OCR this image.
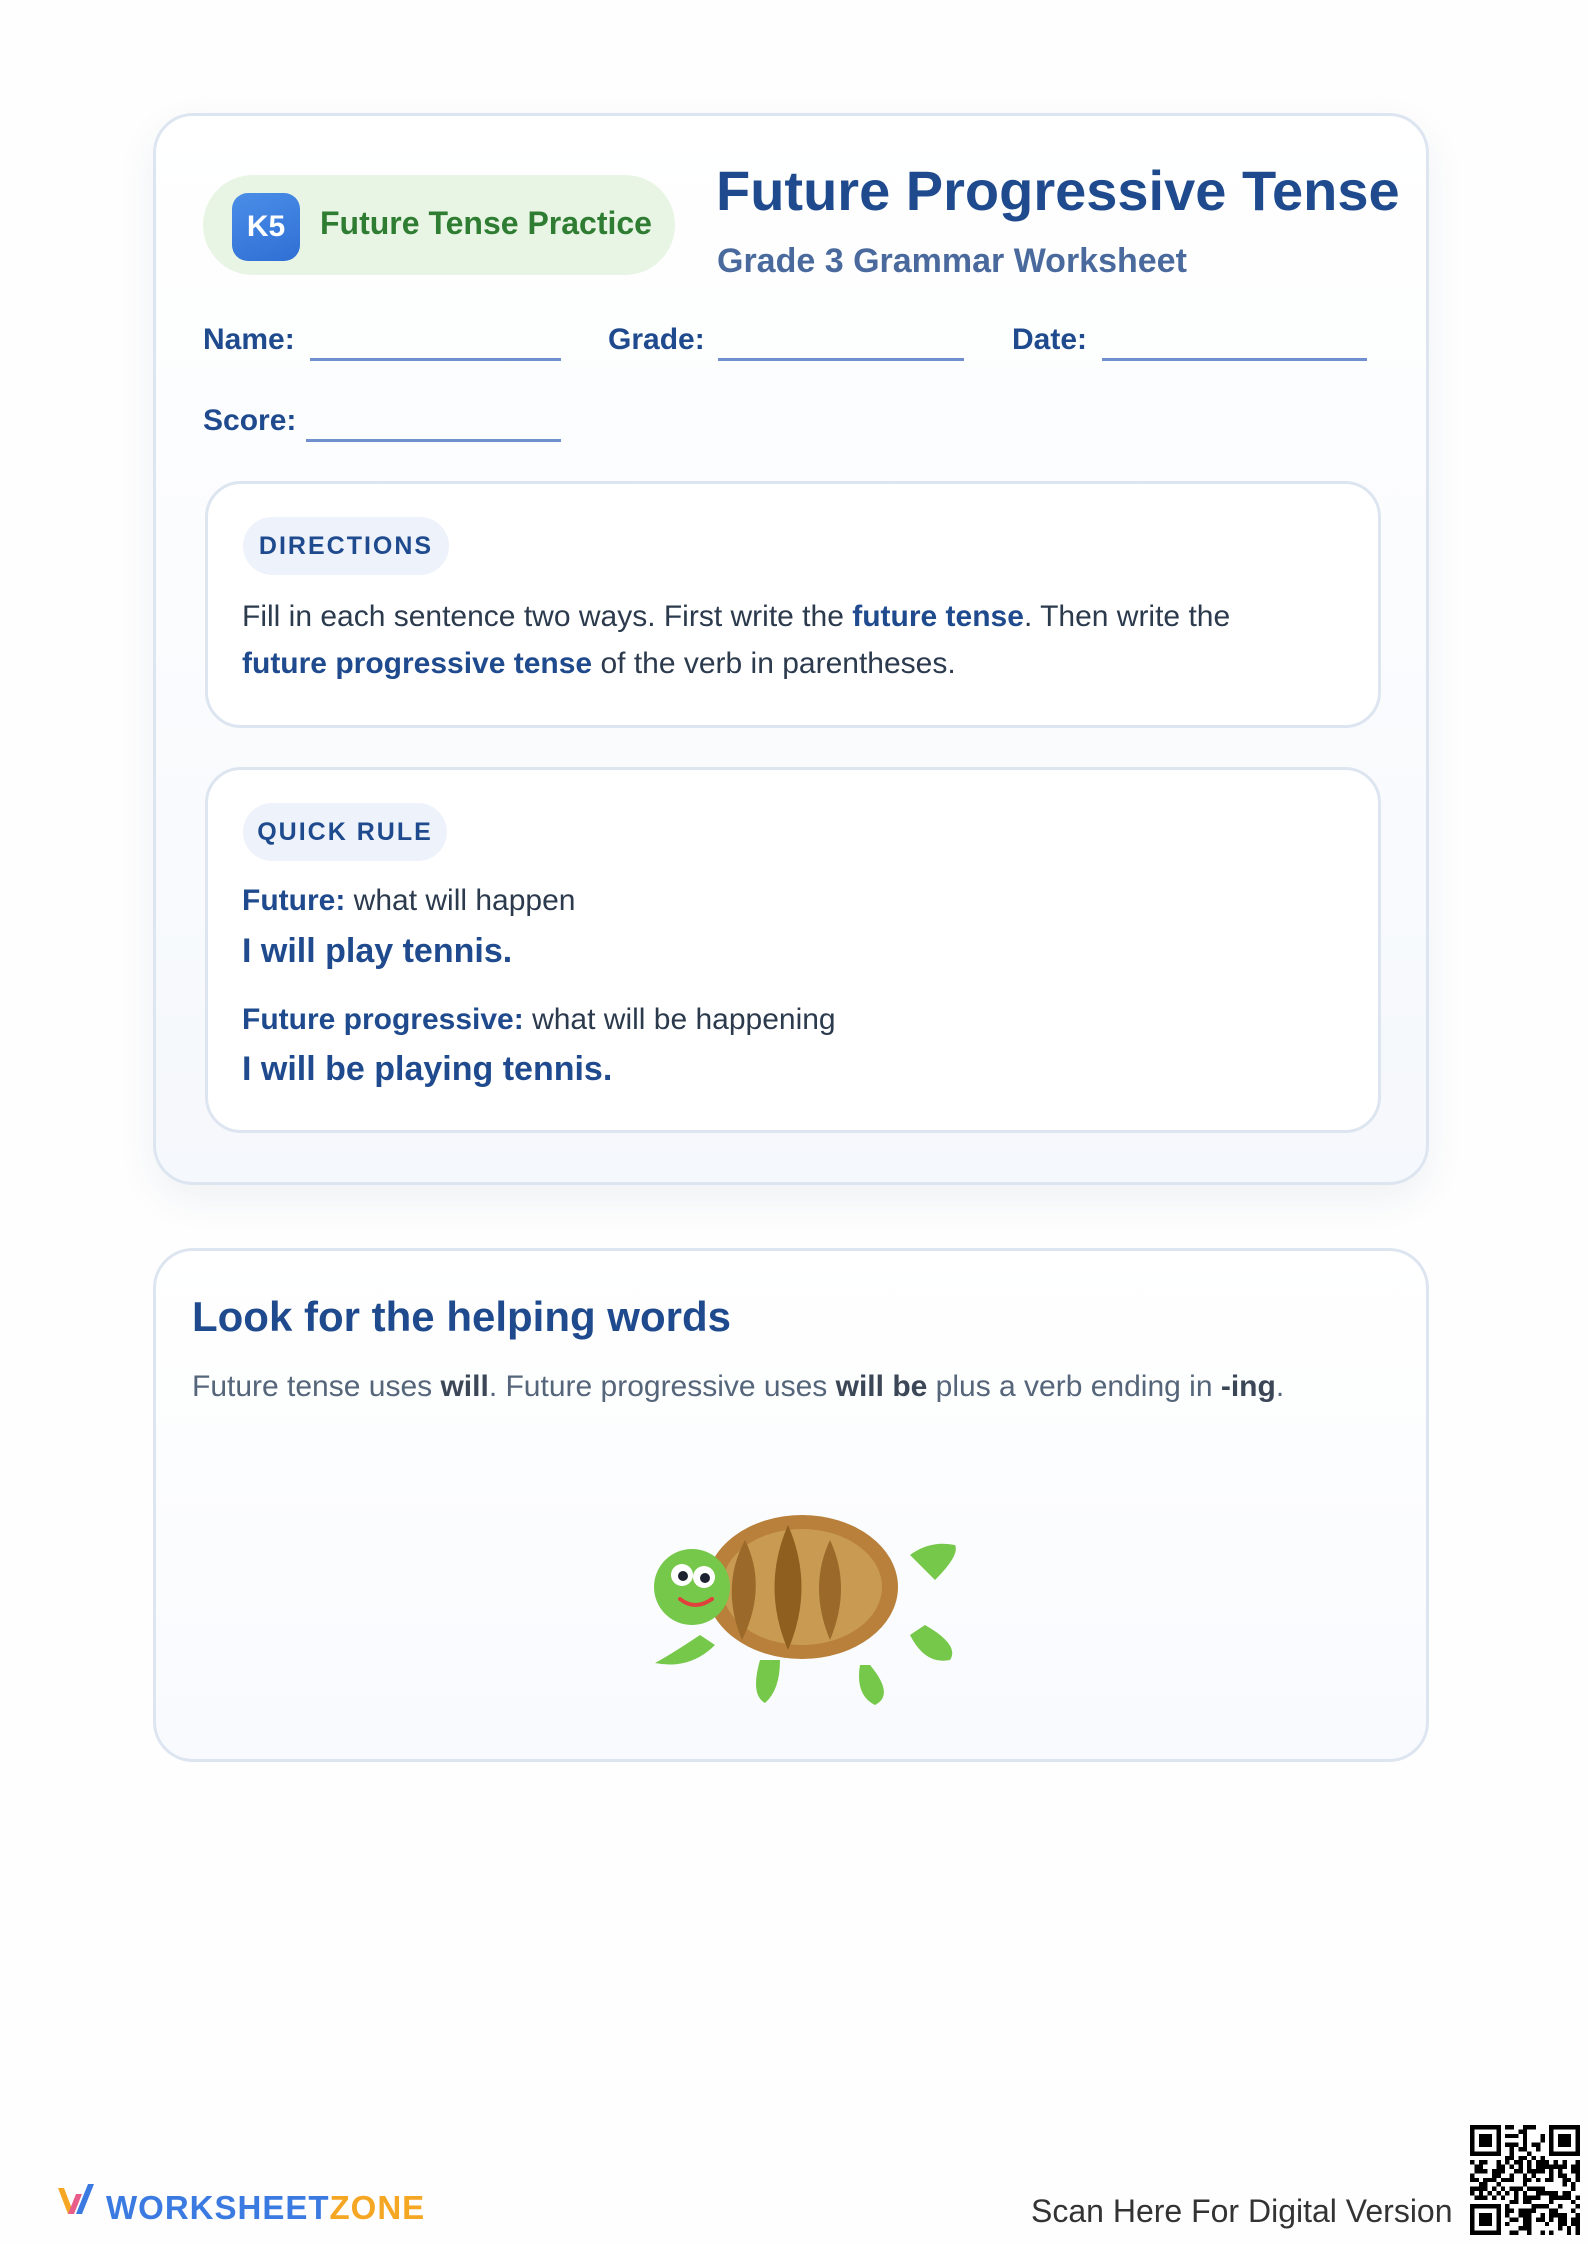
K5	Future Tense Practice
Future Progressive Tense
Grade 3 Grammar Worksheet
Name:	Grade:	Date:
Score:
DIRECTIONS
Fill in each sentence two ways. First write the future tense. Then write the
future progressive tense of the verb in parentheses.
QUICK RULE
Future: what will happen
I will play tennis.
Future progressive: what will be happening
I will be playing tennis.
Look for the helping words
Future tense uses will. Future progressive uses will be plus a verb ending in -ing.
WORKSHEETZONE	Scan Here For Digital Version
